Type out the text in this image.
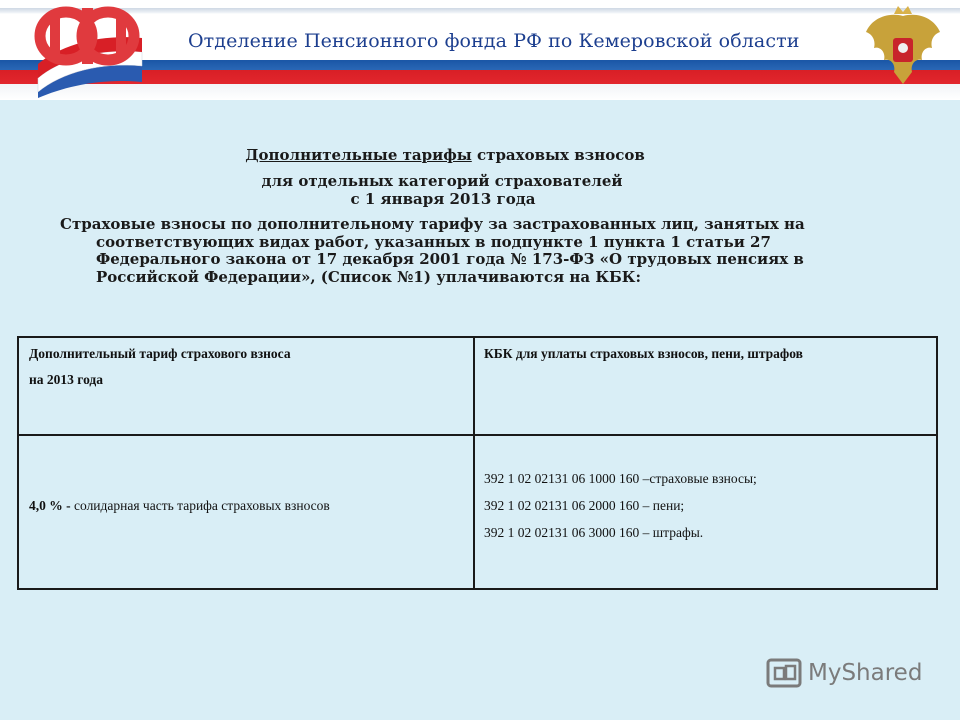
Отделение Пенсионного фонда РФ по Кемеровской области
Дополнительные тарифы страховых взносов
для отдельных категорий страхователей
с 1 января 2013 года
Страховые взносы по дополнительному тарифу за застрахованных лиц, занятых на
соответствующих видах работ, указанных в подпункте 1 пункта 1 статьи 27
Федерального закона от 17 декабря 2001 года № 173-ФЗ «О трудовых пенсиях в
Российской Федерации», (Список №1) уплачиваются на КБК:
Дополнительный тариф страхового взноса
на 2013 года
КБК для уплаты страховых взносов, пени, штрафов
4,0 % - солидарная часть тарифа страховых взносов
392 1 02 02131 06 1000 160 –страховые взносы;
392 1 02 02131 06 2000 160 – пени;
392 1 02 02131 06 3000 160 – штрафы.
MyShared
